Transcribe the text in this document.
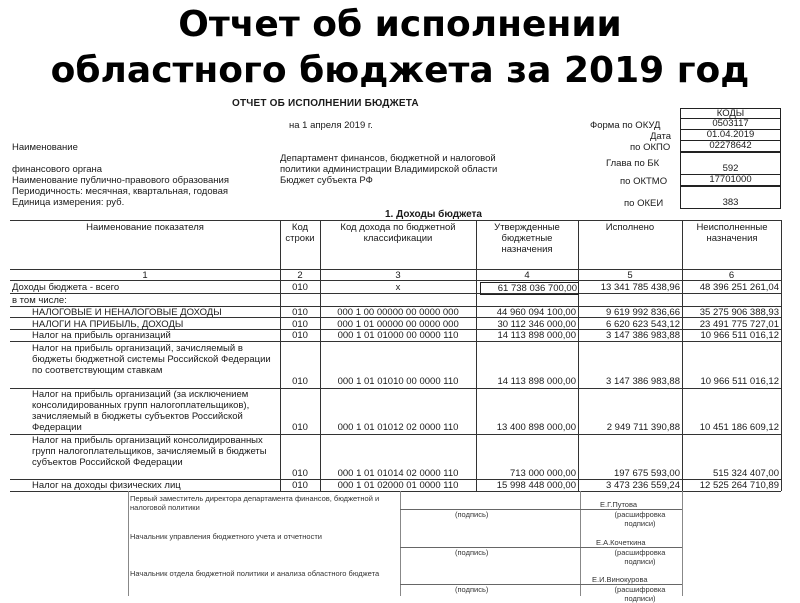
Отчет об исполнении
областного бюджета за 2019 год
ОТЧЕТ ОБ ИСПОЛНЕНИИ БЮДЖЕТА
КОДЫ
на 1 апреля 2019 г.	Форма по ОКУД	0503117
Дата	01.04.2019
Наименование	по ОКПО	02278642
Департамент финансов, бюджетной и налоговой
финансового органа	политики администрации Владимирской области
Глава по БК	592
Наименование публично-правового образования	Бюджет субъекта РФ	по ОКТМО	17701000
Периодичность: месячная, квартальная, годовая
Единица измерения: руб.	по ОКЕИ	383
1. Доходы бюджета
Наименование показателя	Код строки
Код дохода по бюджетной классификации
Утвержденные бюджетные назначения
Исполнено	Неисполненные назначения
1	2	3	4	5	6
Доходы бюджета - всего	010	x	61 738 036 700,00	13 341 785 438,96	48 396 251 261,04
в том числе:
НАЛОГОВЫЕ И НЕНАЛОГОВЫЕ ДОХОДЫ	010	000 1 00 00000 00 0000 000	44 960 094 100,00	9 619 992 836,66	35 275 906 388,93
НАЛОГИ НА ПРИБЫЛЬ, ДОХОДЫ	010	000 1 01 00000 00 0000 000	30 112 346 000,00	6 620 623 543,12	23 491 775 727,01
Налог на прибыль организаций	010	000 1 01 01000 00 0000 110	14 113 898 000,00	3 147 386 983,88	10 966 511 016,12
Налог на прибыль организаций, зачисляемый в бюджеты бюджетной системы Российской Федерации по соответствующим ставкам
010	000 1 01 01010 00 0000 110	14 113 898 000,00	3 147 386 983,88	10 966 511 016,12
Налог на прибыль организаций (за исключением консолидированных групп налогоплательщиков), зачисляемый в бюджеты субъектов Российской Федерации	010	000 1 01 01012 02 0000 110	13 400 898 000,00	2 949 711 390,88	10 451 186 609,12
Налог на прибыль организаций консолидированных групп налогоплательщиков, зачисляемый в бюджеты субъектов Российской Федерации
010	000 1 01 01014 02 0000 110	713 000 000,00	197 675 593,00	515 324 407,00
Налог на доходы физических лиц	010	000 1 01 02000 01 0000 110	15 998 448 000,00	3 473 236 559,24	12 525 264 710,89
Первый заместитель директора департамента финансов, бюджетной и налоговой политики	Е.Г.Путова
(подпись)	(расшифровка подписи)
Начальник управления бюджетного учета и отчетности
Е.А.Кочеткина
(подпись)	(расшифровка подписи)
Начальник отдела бюджетной политики и анализа областного бюджета
Е.И.Винокурова
(подпись)	(расшифровка подписи)
